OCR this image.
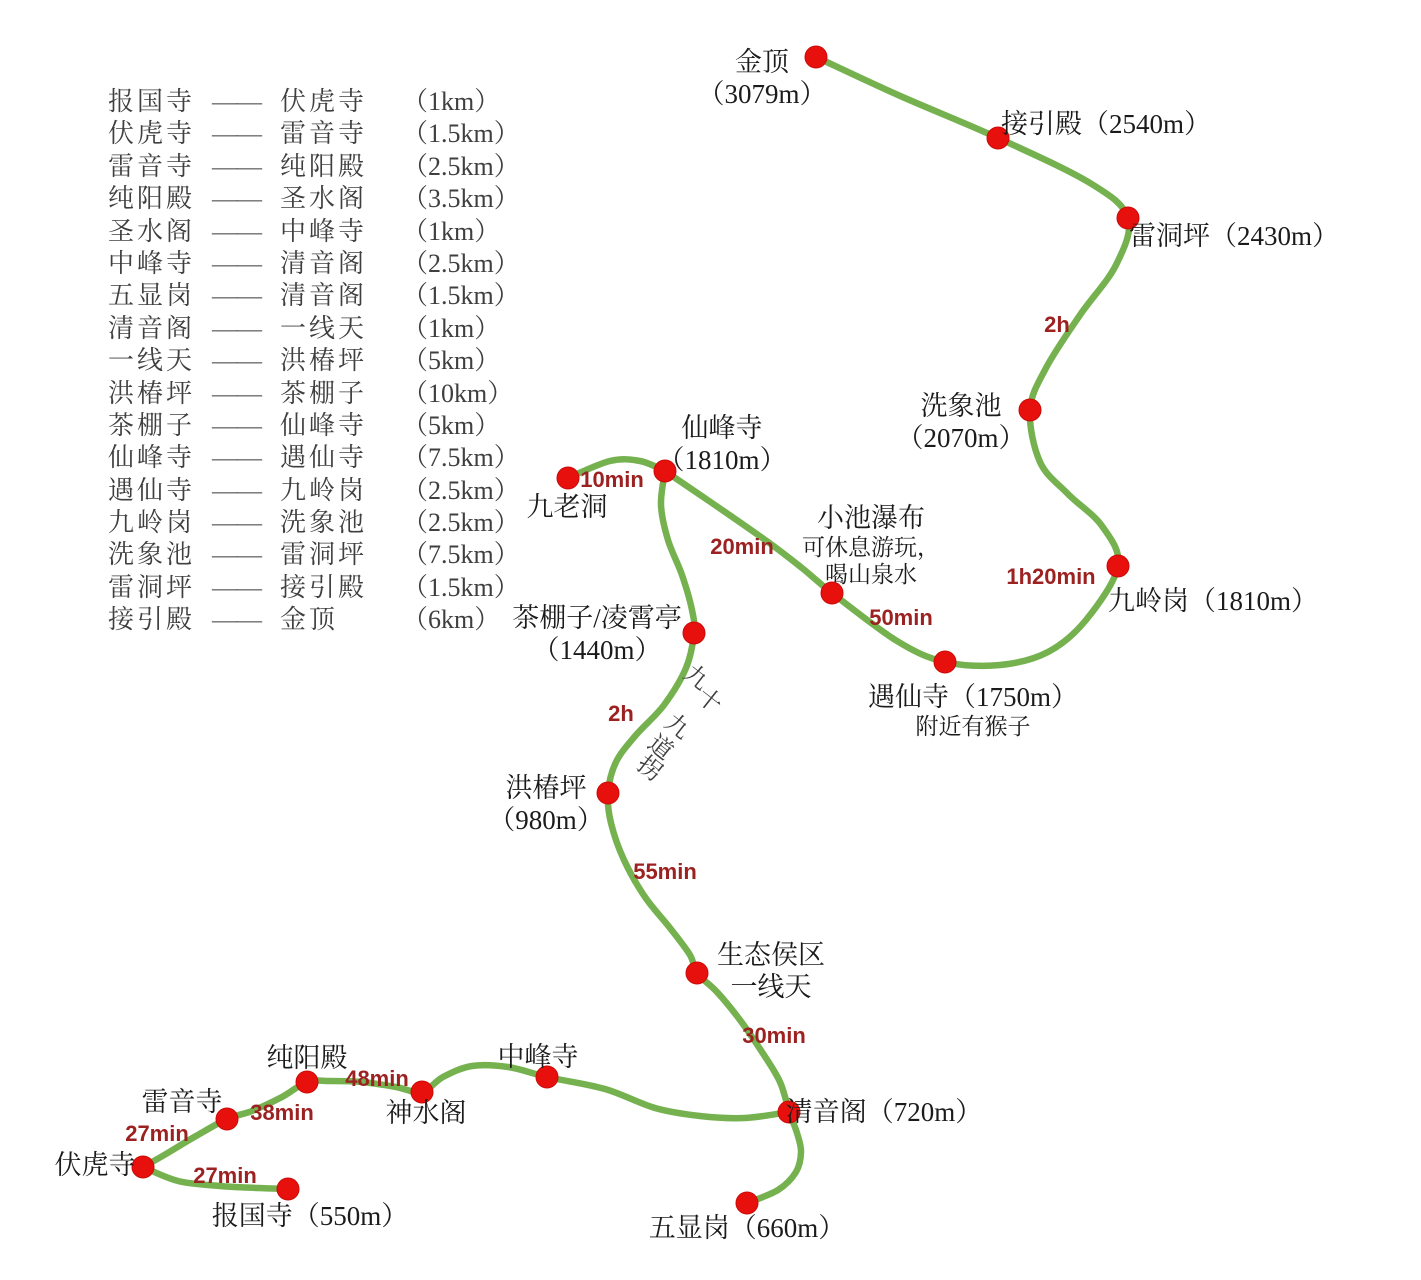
报国寺 —— 伏虎寺	（1km）
伏虎寺 —— 雷音寺	（1.5km）
雷音寺 —— 纯阳殿	（2.5km）
纯阳殿 —— 圣水阁	（3.5km）
圣水阁 —— 中峰寺	（1km）
中峰寺 —— 清音阁	（2.5km）
五显岗 —— 清音阁	（1.5km）
清音阁 —— 一线天	（1km）
一线天 —— 洪椿坪	（5km）
洪椿坪 —— 茶棚子	（10km）
茶棚子 —— 仙峰寺	（5km）
仙峰寺 —— 遇仙寺	（7.5km）
遇仙寺 —— 九岭岗	（2.5km）
九岭岗 —— 洗象池	（2.5km）
洗象池 —— 雷洞坪	（7.5km）
雷洞坪 —— 接引殿	（1.5km）
接引殿 —— 金顶	（6km）
金顶
（3079m）
接引殿（2540m）
雷洞坪（2430m）
洗象池
（2070m）
九岭岗（1810m）
遇仙寺（1750m）
附近有猴子
小池瀑布
可休息游玩，
喝山泉水
仙峰寺
（1810m）
九老洞
茶棚子/凌霄亭
（1440m）
洪椿坪
（980m）
生态侯区
一线天
清音阁（720m）
五显岗（660m）
中峰寺
神水阁
纯阳殿
雷音寺
伏虎寺
报国寺（550m）
2h
1h20min
50min
20min
10min
2h
55min
30min
48min
38min
27min
27min
九
十
九
道
拐
